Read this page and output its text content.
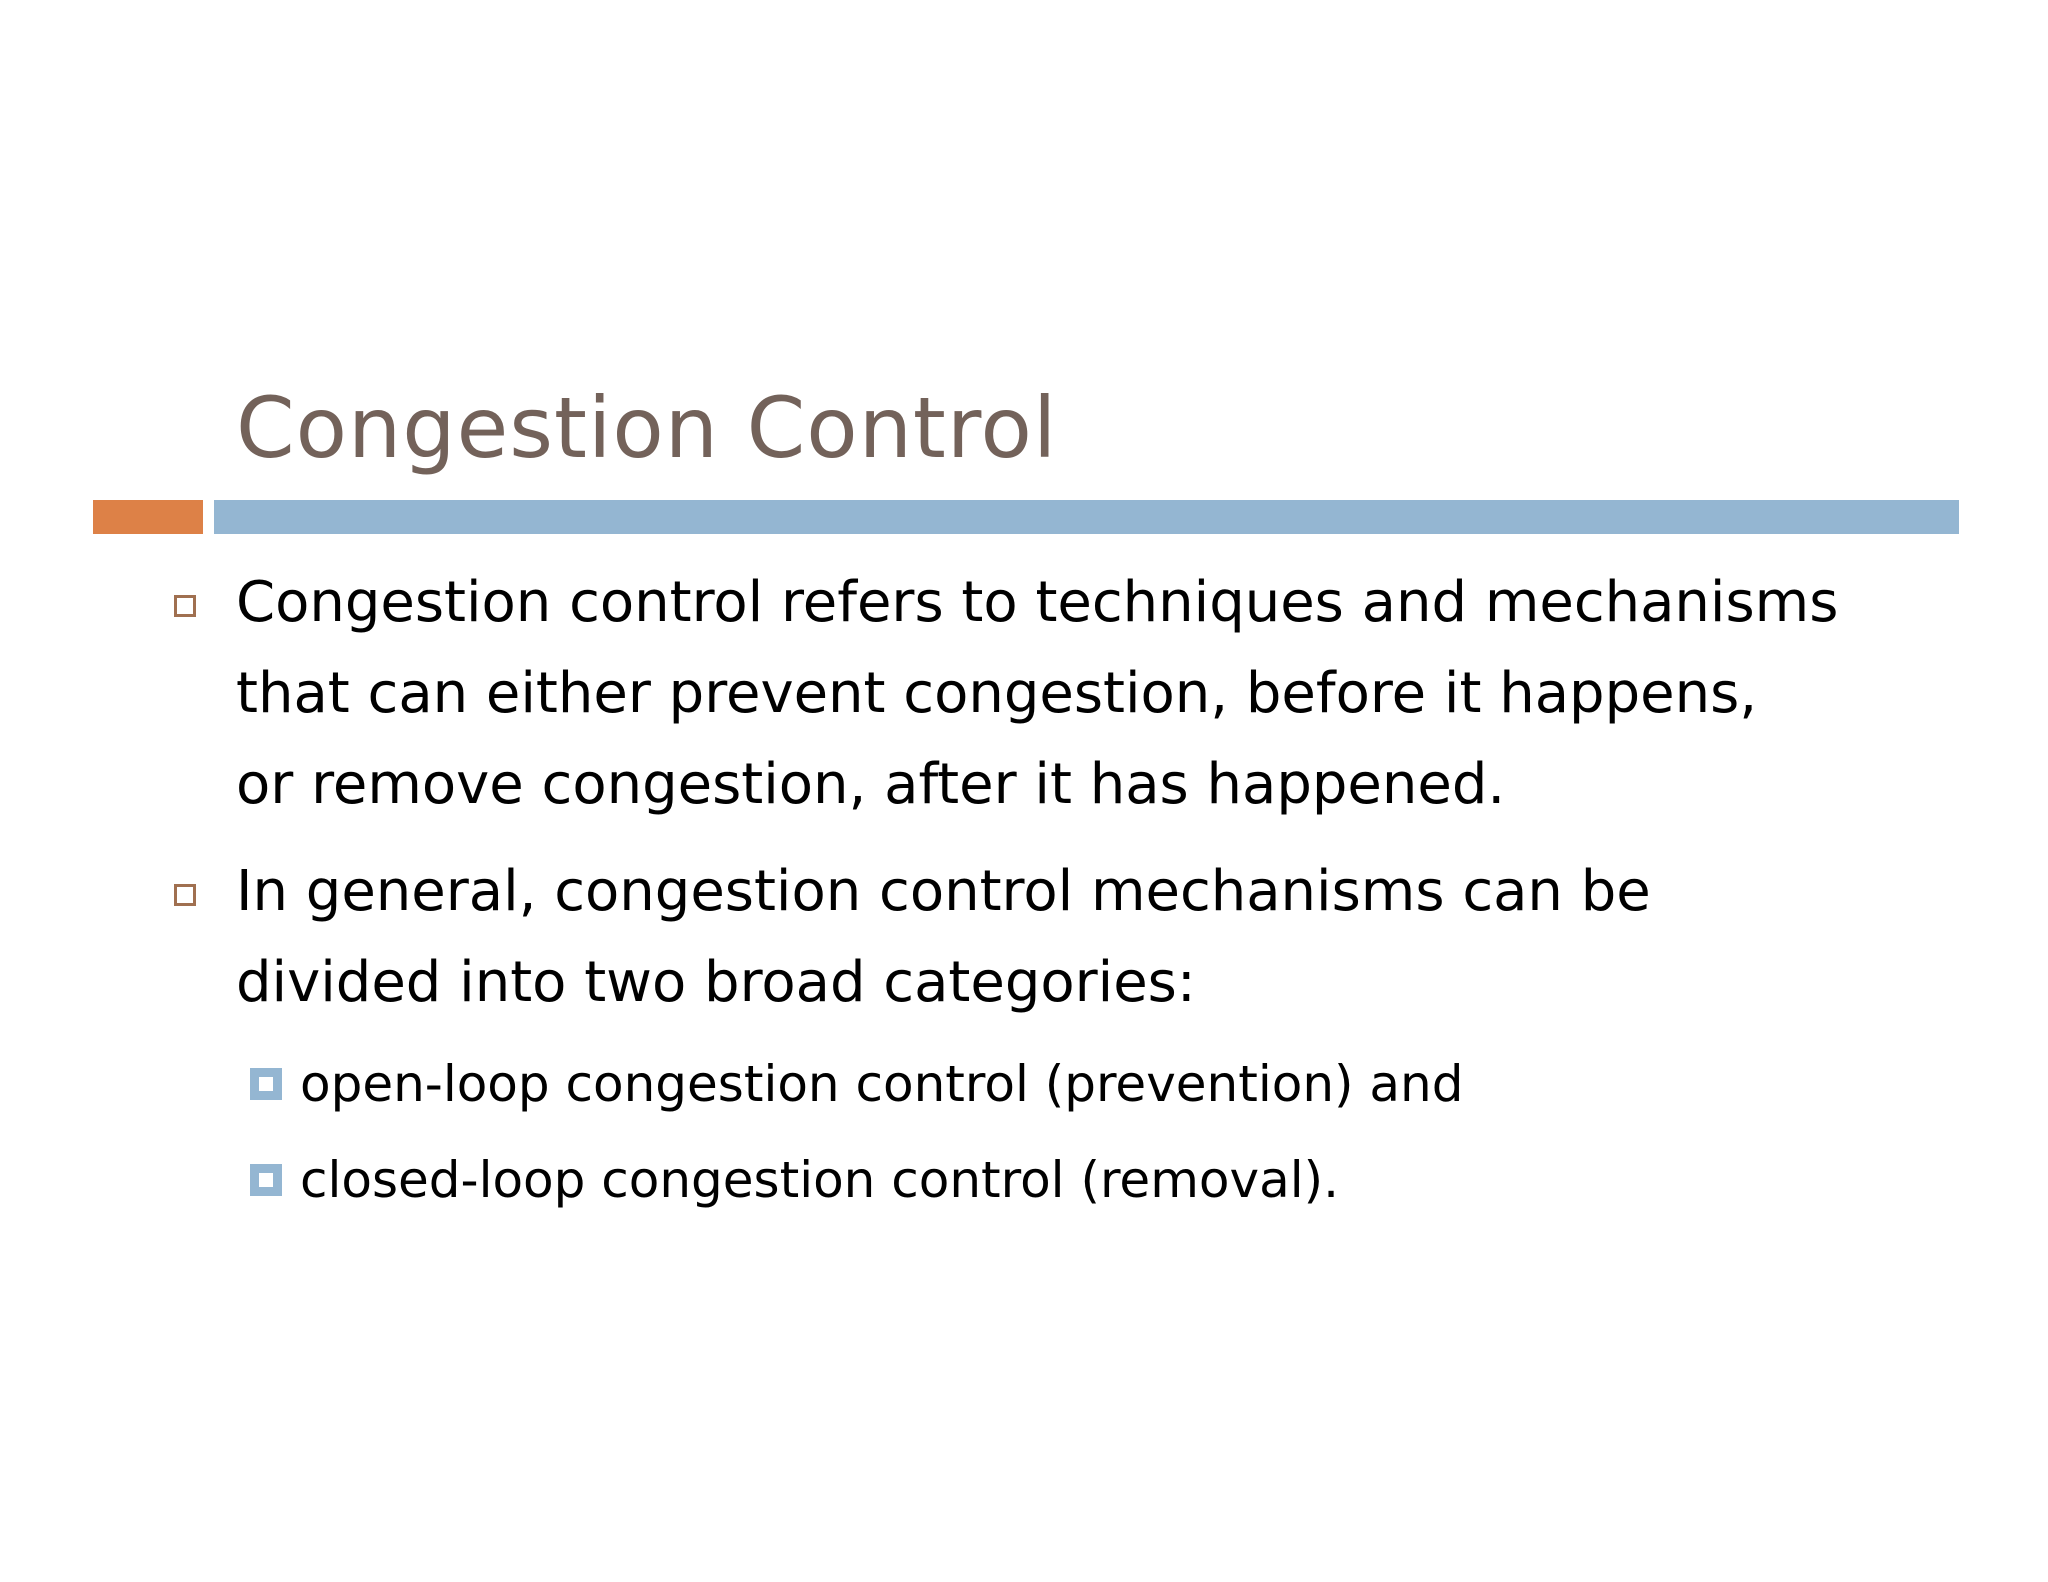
Congestion Control
Congestion control refers to techniques and mechanisms
that can either prevent congestion, before it happens,
or remove congestion, after it has happened.
In general, congestion control mechanisms can be
divided into two broad categories:
open-loop congestion control (prevention) and
closed-loop congestion control (removal).
